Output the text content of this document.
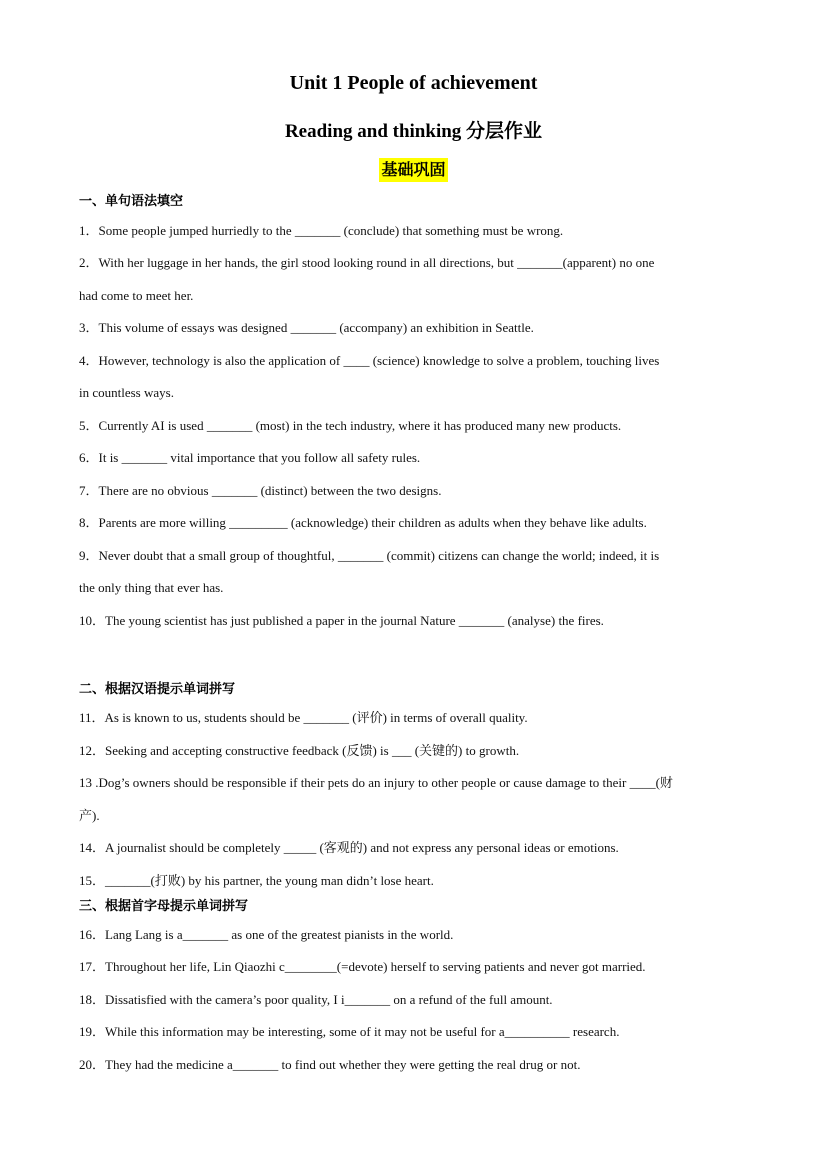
Unit 1 People of achievement
Reading and thinking 分层作业
基础巩固
一、单句语法填空
1．Some people jumped hurriedly to the _______ (conclude) that something must be wrong.
2．With her luggage in her hands, the girl stood looking round in all directions, but _______(apparent) no one
had come to meet her.
3．This volume of essays was designed _______ (accompany) an exhibition in Seattle.
4．However, technology is also the application of ____ (science) knowledge to solve a problem, touching lives
in countless ways.
5．Currently AI is used _______ (most) in the tech industry, where it has produced many new products.
6．It is _______ vital importance that you follow all safety rules.
7．There are no obvious _______ (distinct) between the two designs.
8．Parents are more willing _________ (acknowledge) their children as adults when they behave like adults.
9．Never doubt that a small group of thoughtful, _______ (commit) citizens can change the world; indeed, it is
the only thing that ever has.
10．The young scientist has just published a paper in the journal Nature _______ (analyse) the fires.
二、根据汉语提示单词拼写
11．As is known to us, students should be _______ (评价) in terms of overall quality.
12．Seeking and accepting constructive feedback (反馈) is ___ (关键的) to growth.
13 .Dog’s owners should be responsible if their pets do an injury to other people or cause damage to their ____(财
产).
14．A journalist should be completely _____ (客观的) and not express any personal ideas or emotions.
15．_______(打败) by his partner, the young man didn’t lose heart.
三、根据首字母提示单词拼写
16．Lang Lang is a_______ as one of the greatest pianists in the world.
17．Throughout her life, Lin Qiaozhi c________(=devote) herself to serving patients and never got married.
18．Dissatisfied with the camera’s poor quality, I i_______ on a refund of the full amount.
19．While this information may be interesting, some of it may not be useful for a__________ research.
20．They had the medicine a_______ to find out whether they were getting the real drug or not.
